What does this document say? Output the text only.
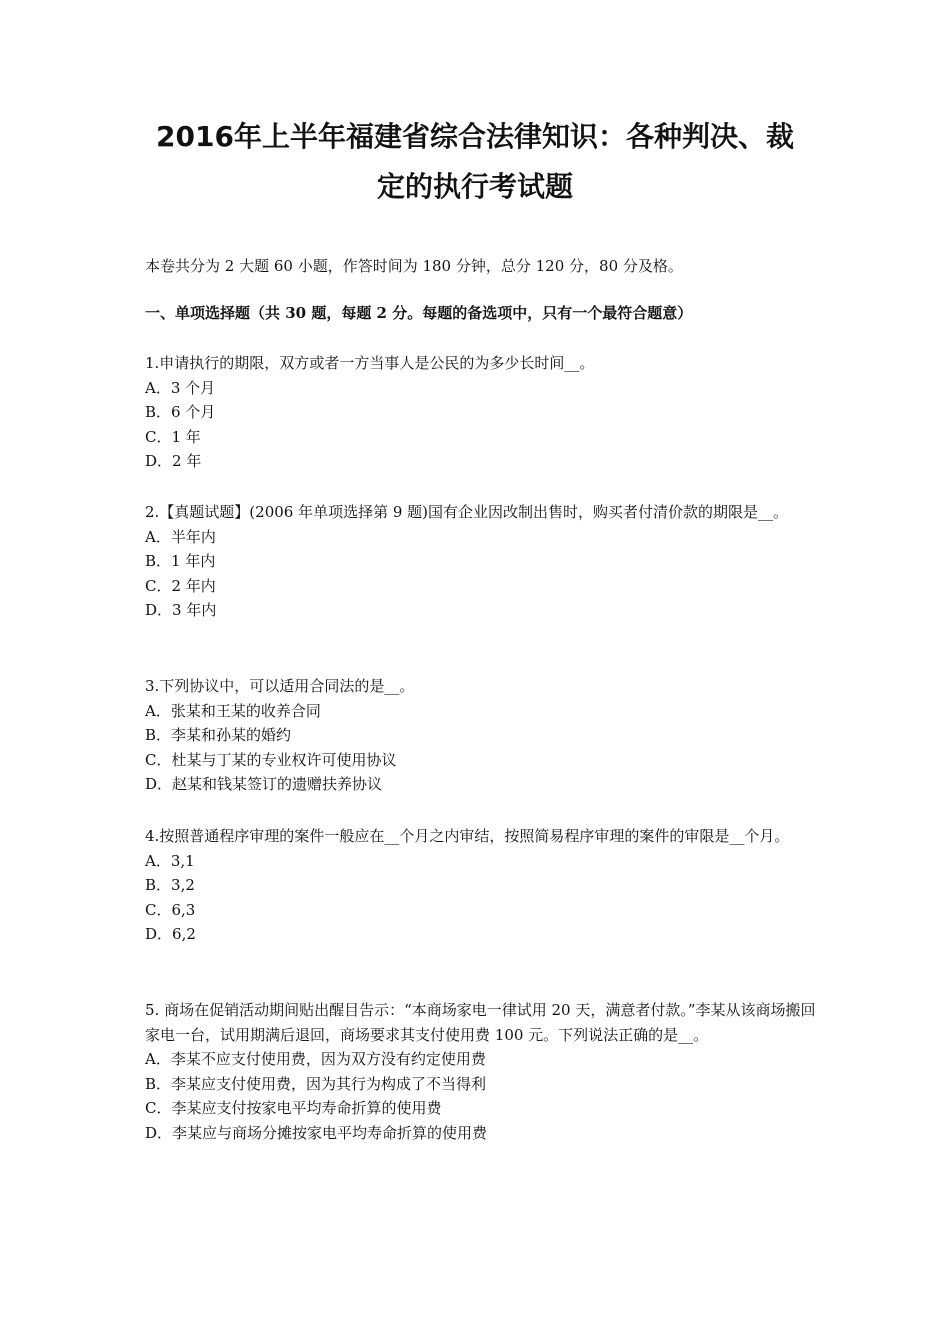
2016年上半年福建省综合法律知识：各种判决、裁
定的执行考试题

本卷共分为 2 大题 60 小题，作答时间为 180 分钟，总分 120 分，80 分及格。

一、单项选择题（共 30 题，每题 2 分。每题的备选项中，只有一个最符合题意）

1.申请执行的期限，双方或者一方当事人是公民的为多少长时间__。
A．3 个月
B．6 个月
C．1 年
D．2 年
2.【真题试题】(2006 年单项选择第 9 题)国有企业因改制出售时，购买者付清价款的期限是__。
A．半年内
B．1 年内
C．2 年内
D．3 年内
3.下列协议中，可以适用合同法的是__。
A．张某和王某的收养合同
B．李某和孙某的婚约
C．杜某与丁某的专业权许可使用协议
D．赵某和钱某签订的遗赠扶养协议
4.按照普通程序审理的案件一般应在__个月之内审结，按照简易程序审理的案件的审限是__个月。
A．3,1
B．3,2
C．6,3
D．6,2
5. 商场在促销活动期间贴出醒目告示：“本商场家电一律试用 20 天，满意者付款。”李某从该商场搬回家电一台，试用期满后退回，商场要求其支付使用费 100 元。下列说法正确的是__。
A．李某不应支付使用费，因为双方没有约定使用费
B．李某应支付使用费，因为其行为构成了不当得利
C．李某应支付按家电平均寿命折算的使用费
D．李某应与商场分摊按家电平均寿命折算的使用费
